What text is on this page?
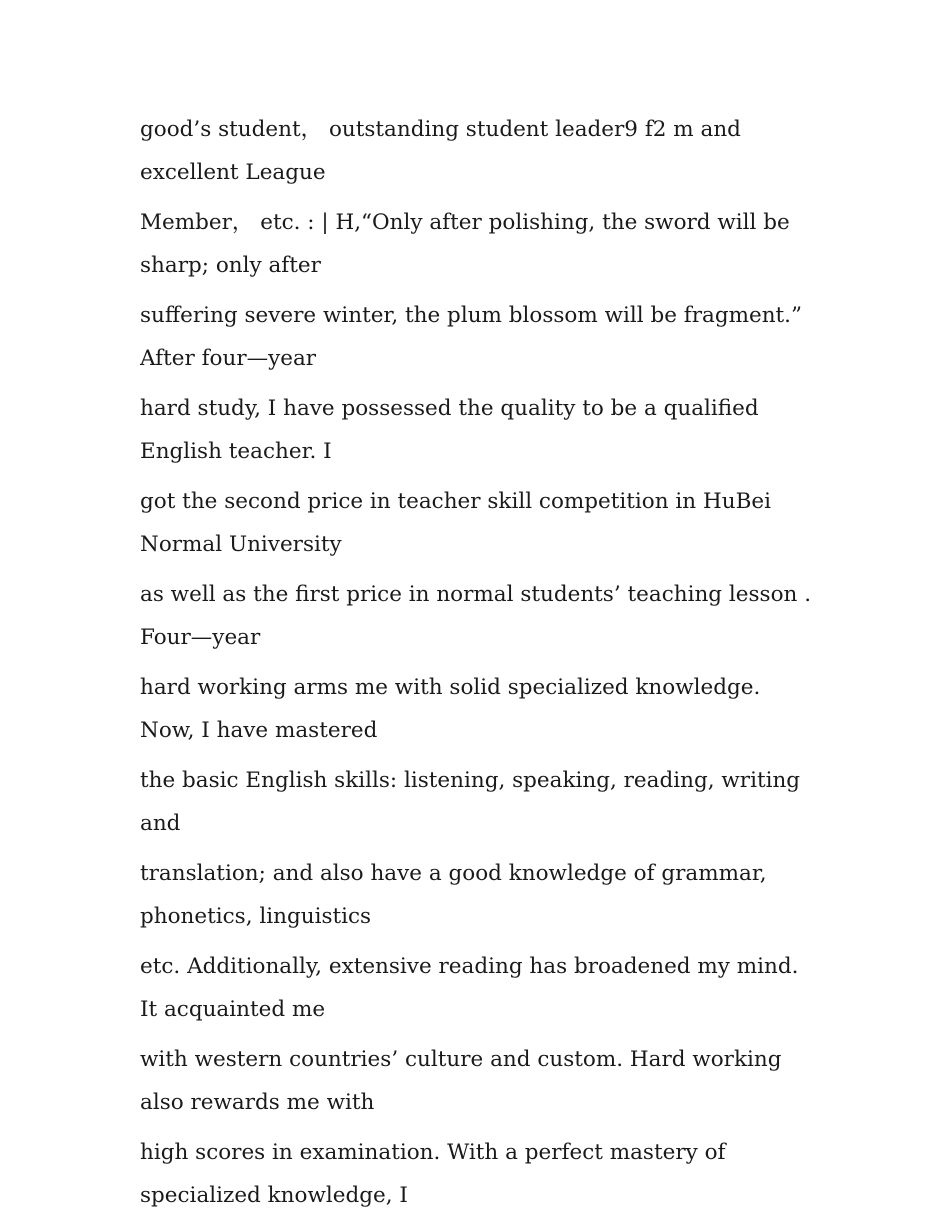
good’s student， outstanding student leader9 f2 m and excellent League

Member， etc. : | H,“Only after polishing, the sword will be sharp; only after

suffering severe winter, the plum blossom will be fragment.” After four—year

hard study, I have possessed the quality to be a qualified English teacher. I

got the second price in teacher skill competition in HuBei Normal University

as well as the first price in normal students’ teaching lesson . Four—year

hard working arms me with solid specialized knowledge. Now, I have mastered

the basic English skills: listening, speaking, reading, writing and

translation; and also have a good knowledge of grammar, phonetics, linguistics

etc. Additionally, extensive reading has broadened my mind. It acquainted me

with western countries’ culture and custom. Hard working also rewards me with

high scores in examination. With a perfect mastery of specialized knowledge, I
